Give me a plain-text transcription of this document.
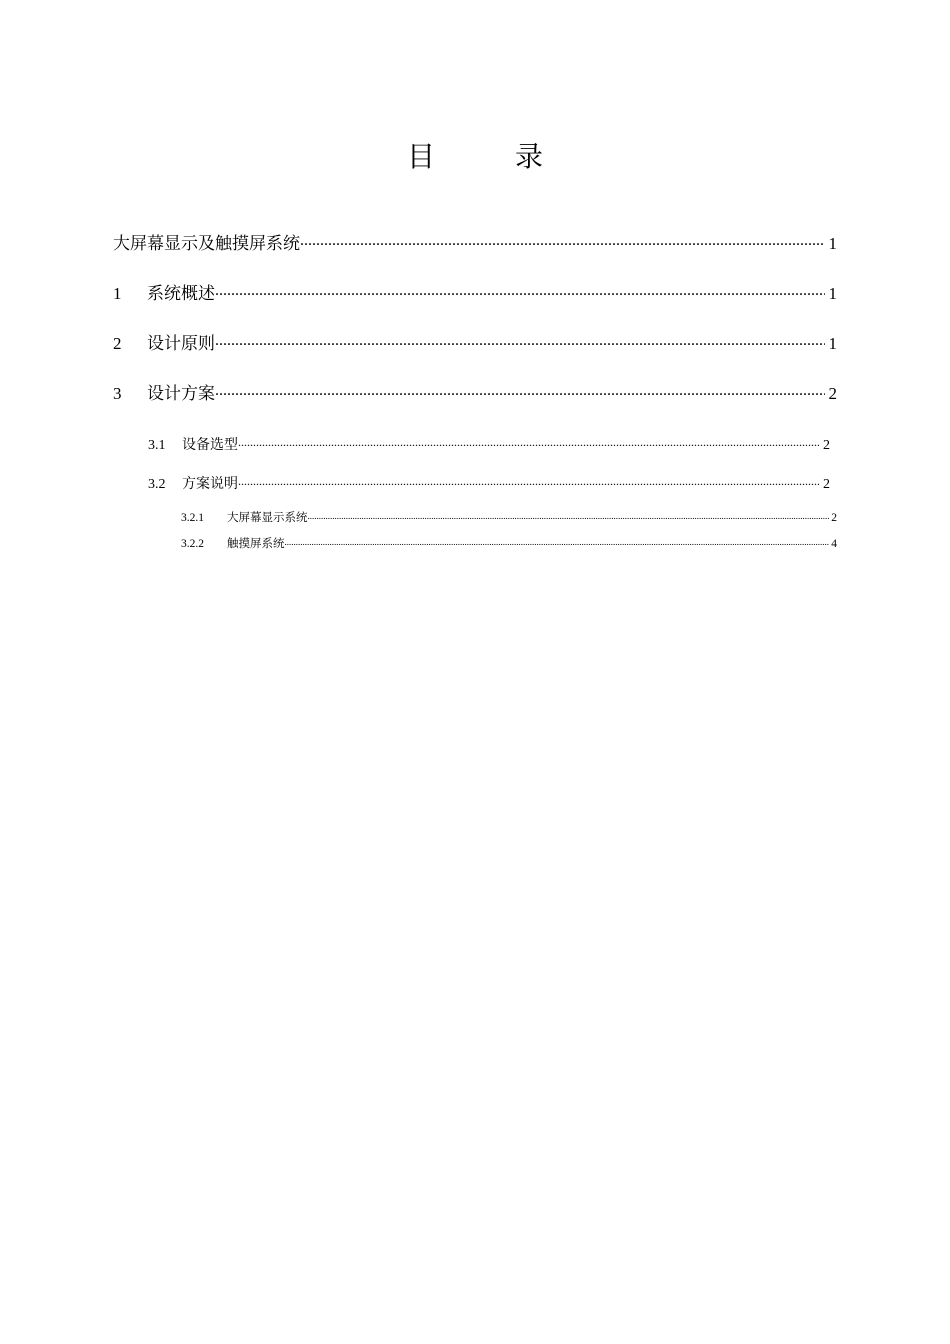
目　录
大屏幕显示及触摸屏系统 .....	1
1	系统概述 .....	1
2	设计原则 .....	1
3	设计方案 .....	2
3.1	设备选型 .....	2
3.2	方案说明 .....	2
3.2.1	大屏幕显示系统 .....	2
3.2.2	触摸屏系统 .....	4
